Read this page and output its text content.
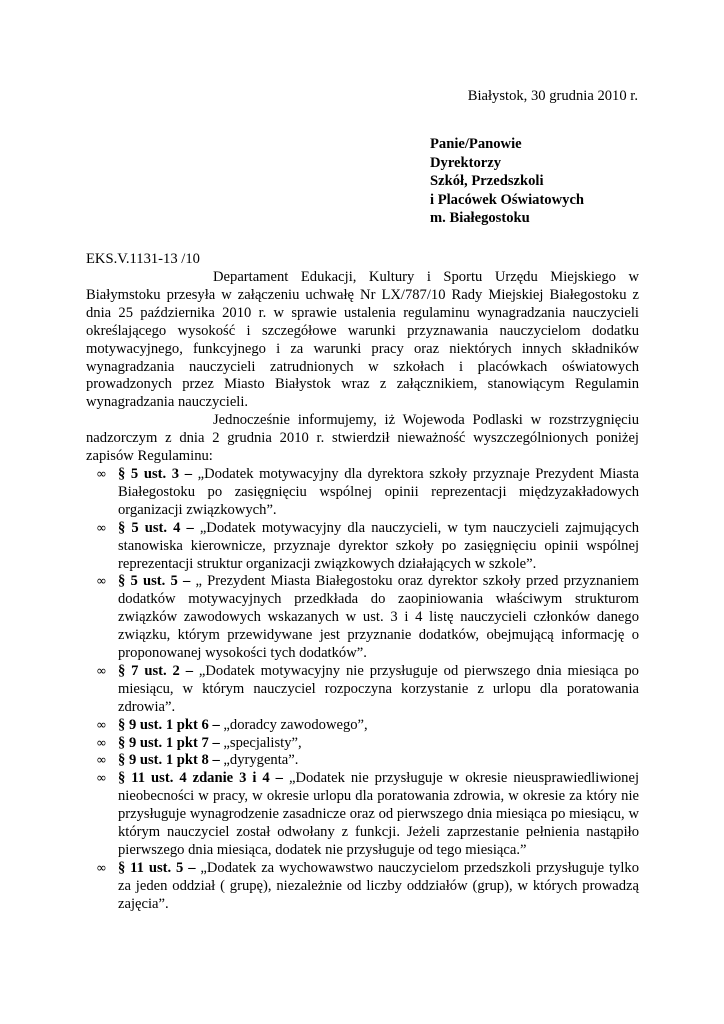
Białystok, 30 grudnia 2010 r.
Panie/Panowie
Dyrektorzy
Szkół, Przedszkoli
i Placówek Oświatowych
m. Białegostoku
EKS.V.1131-13 /10

Departament Edukacji, Kultury i Sportu Urzędu Miejskiego w Białymstoku przesyła w załączeniu uchwałę Nr LX/787/10 Rady Miejskiej Białegostoku z dnia 25 października 2010 r. w sprawie ustalenia regulaminu wynagradzania nauczycieli określającego wysokość i szczegółowe warunki przyznawania nauczycielom dodatku motywacyjnego, funkcyjnego i za warunki pracy oraz niektórych innych składników wynagradzania nauczycieli zatrudnionych w szkołach i placówkach oświatowych prowadzonych przez Miasto Białystok wraz z załącznikiem, stanowiącym Regulamin wynagradzania nauczycieli.

Jednocześnie informujemy, iż Wojewoda Podlaski w rozstrzygnięciu nadzorczym z dnia 2 grudnia 2010 r. stwierdził nieważność wyszczególnionych poniżej zapisów Regulaminu:

∞ § 5 ust. 3 – „Dodatek motywacyjny dla dyrektora szkoły przyznaje Prezydent Miasta Białegostoku po zasięgnięciu wspólnej opinii reprezentacji międzyzakładowych organizacji związkowych”.
∞ § 5 ust. 4 – „Dodatek motywacyjny dla nauczycieli, w tym nauczycieli zajmujących stanowiska kierownicze, przyznaje dyrektor szkoły po zasięgnięciu opinii wspólnej reprezentacji struktur organizacji związkowych działających w szkole”.
∞ § 5 ust. 5 – „ Prezydent Miasta Białegostoku oraz dyrektor szkoły przed przyznaniem dodatków motywacyjnych przedkłada do zaopiniowania właściwym strukturom związków zawodowych wskazanych w ust. 3 i 4 listę nauczycieli członków danego związku, którym przewidywane jest przyznanie dodatków, obejmującą informację o proponowanej wysokości tych dodatków”.
∞ § 7 ust. 2 – „Dodatek motywacyjny nie przysługuje od pierwszego dnia miesiąca po miesiącu, w którym nauczyciel rozpoczyna korzystanie z urlopu dla poratowania zdrowia”.
∞ § 9 ust. 1 pkt 6 – „doradcy zawodowego”,
∞ § 9 ust. 1 pkt 7 – „specjalisty”,
∞ § 9 ust. 1 pkt 8 – „dyrygenta”.
∞ § 11 ust. 4 zdanie 3 i 4 – „Dodatek nie przysługuje w okresie nieusprawiedliwionej nieobecności w pracy, w okresie urlopu dla poratowania zdrowia, w okresie za który nie przysługuje wynagrodzenie zasadnicze oraz od pierwszego dnia miesiąca po miesiącu, w którym nauczyciel został odwołany z funkcji. Jeżeli zaprzestanie pełnienia nastąpiło pierwszego dnia miesiąca, dodatek nie przysługuje od tego miesiąca.”
∞ § 11 ust. 5 – „Dodatek za wychowawstwo nauczycielom przedszkoli przysługuje tylko za jeden oddział ( grupę), niezależnie od liczby oddziałów (grup), w których prowadzą zajęcia”.
